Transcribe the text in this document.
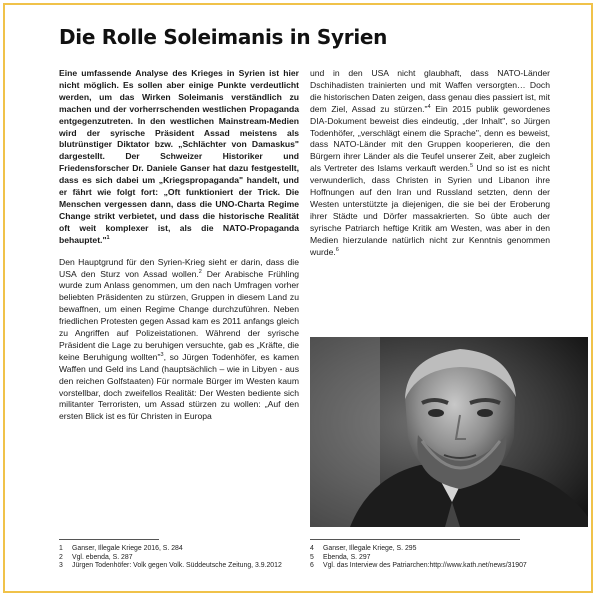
Die Rolle Soleimanis in Syrien

Eine umfassende Analyse des Krieges in Syrien ist hier nicht möglich. Es sollen aber einige Punkte verdeutlicht werden, um das Wirken Soleimanis verständlich zu machen und der vorherrschenden westlichen Propaganda entgegenzutreten. In den westlichen Mainstream-Medien wird der syrische Präsident Assad meistens als blutrünstiger Diktator bzw. „Schlächter von Damaskus" dargestellt. Der Schweizer Historiker und Friedensforscher Dr. Daniele Ganser hat dazu festgestellt, dass es sich dabei um „Kriegspropaganda" handelt, und er fährt wie folgt fort: „Oft funktioniert der Trick. Die Menschen vergessen dann, dass die UNO-Charta Regime Change strikt verbietet, und dass die historische Realität oft weit komplexer ist, als die NATO-Propaganda behauptet."$^1$

Den Hauptgrund für den Syrien-Krieg sieht er darin, dass die USA den Sturz von Assad wollen.$^2$ Der Arabische Frühling wurde zum Anlass genommen, um den nach Umfragen vorher beliebten Präsidenten zu stürzen, Gruppen in diesem Land zu bewaffnen, um einen Regime Change durchzuführen. Neben friedlichen Protesten gegen Assad kam es 2011 anfangs gleich zu Angriffen auf Polizeistationen. Während der syrische Präsident die Lage zu beruhigen versuchte, gab es „Kräfte, die keine Beruhigung wollten"$^3$, so Jürgen Todenhöfer, es kamen Waffen und Geld ins Land (hauptsächlich – wie in Libyen - aus den reichen Golfstaaten) Für normale Bürger im Westen kaum vorstellbar, doch zweifellos Realität: Der Westen bediente sich militanter Terroristen, um Assad stürzen zu wollen: „Auf den ersten Blick ist es für Christen in Europa

und in den USA nicht glaubhaft, dass NATO-Länder Dschihadisten trainierten und mit Waffen versorgten… Doch die historischen Daten zeigen, dass genau dies passiert ist, mit dem Ziel, Assad zu stürzen."$^4$ Ein 2015 publik gewordenes DIA-Dokument beweist dies eindeutig, „der Inhalt", so Jürgen Todenhöfer, „verschlägt einem die Sprache", denn es beweist, dass NATO-Länder mit den Gruppen kooperieren, die den Bürgern ihrer Länder als die Teufel unserer Zeit, aber zugleich als Vertreter des Islams verkauft werden.$^5$ Und so ist es nicht verwunderlich, dass Christen in Syrien und Libanon ihre Hoffnungen auf den Iran und Russland setzten, denn der Westen unterstützte ja diejenigen, die sie bei der Eroberung ihrer Städte und Dörfer massakrierten. So übte auch der syrische Patriarch heftige Kritik am Westen, was aber in den Medien hierzulande natürlich nicht zur Kenntnis genommen wurde.$^6$

1	Ganser, Illegale Kriege 2016, S. 284
2	Vgl. ebenda, S. 287
3	Jürgen Todenhöfer: Volk gegen Volk. Süddeutsche Zeitung, 3.9.2012
4	Ganser, Illegale Kriege, S. 295
5	Ebenda, S. 297
6	Vgl. das Interview des Patriarchen:http://www.kath.net/news/31907
